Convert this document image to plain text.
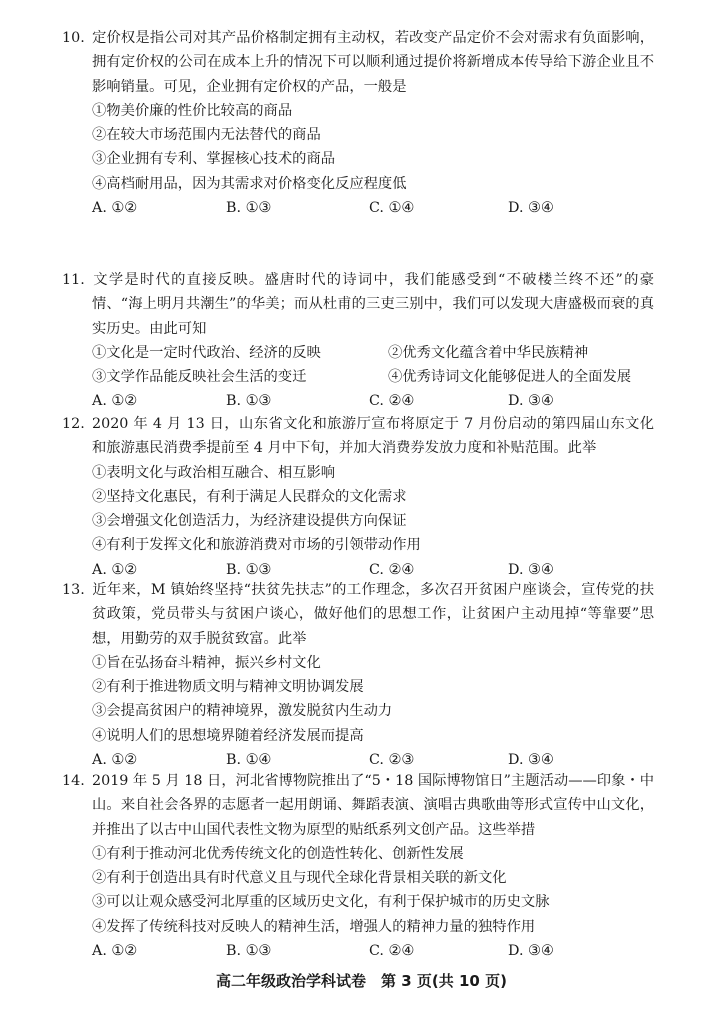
10. 定价权是指公司对其产品价格制定拥有主动权，若改变产品定价不会对需求有负面影响，拥有定价权的公司在成本上升的情况下可以顺利通过提价将新增成本传导给下游企业且不影响销量。可见，企业拥有定价权的产品，一般是

①物美价廉的性价比较高的商品
②在较大市场范围内无法替代的商品
③企业拥有专利、掌握核心技术的商品
④高档耐用品，因为其需求对价格变化反应程度低
A. ①②	B. ①③	C. ①④	D. ③④

11. 文学是时代的直接反映。盛唐时代的诗词中，我们能感受到“不破楼兰终不还”的豪情、“海上明月共潮生”的华美；而从杜甫的三吏三别中，我们可以发现大唐盛极而衰的真实历史。由此可知

①文化是一定时代政治、经济的反映	②优秀文化蕴含着中华民族精神
③文学作品能反映社会生活的变迁	④优秀诗词文化能够促进人的全面发展
A. ①②	B. ①③	C. ②④	D. ③④

12. 2020 年 4 月 13 日，山东省文化和旅游厅宣布将原定于 7 月份启动的第四届山东文化和旅游惠民消费季提前至 4 月中下旬，并加大消费券发放力度和补贴范围。此举

①表明文化与政治相互融合、相互影响
②坚持文化惠民，有利于满足人民群众的文化需求
③会增强文化创造活力，为经济建设提供方向保证
④有利于发挥文化和旅游消费对市场的引领带动作用
A. ①②	B. ①③	C. ②④	D. ③④

13. 近年来，M 镇始终坚持“扶贫先扶志”的工作理念，多次召开贫困户座谈会，宣传党的扶贫政策，党员带头与贫困户谈心，做好他们的思想工作，让贫困户主动甩掉“等靠要”思想，用勤劳的双手脱贫致富。此举

①旨在弘扬奋斗精神，振兴乡村文化
②有利于推进物质文明与精神文明协调发展
③会提高贫困户的精神境界，激发脱贫内生动力
④说明人们的思想境界随着经济发展而提高
A. ①②	B. ①④	C. ②③	D. ③④

14. 2019 年 5 月 18 日，河北省博物院推出了“5・18 国际博物馆日”主题活动——印象・中山。来自社会各界的志愿者一起用朗诵、舞蹈表演、演唱古典歌曲等形式宣传中山文化，并推出了以古中山国代表性文物为原型的贴纸系列文创产品。这些举措

①有利于推动河北优秀传统文化的创造性转化、创新性发展
②有利于创造出具有时代意义且与现代全球化背景相关联的新文化
③可以让观众感受河北厚重的区域历史文化，有利于保护城市的历史文脉
④发挥了传统科技对反映人的精神生活，增强人的精神力量的独特作用
A. ①②	B. ①③	C. ②④	D. ③④
高二年级政治学科试卷　第 3 页(共 10 页)
